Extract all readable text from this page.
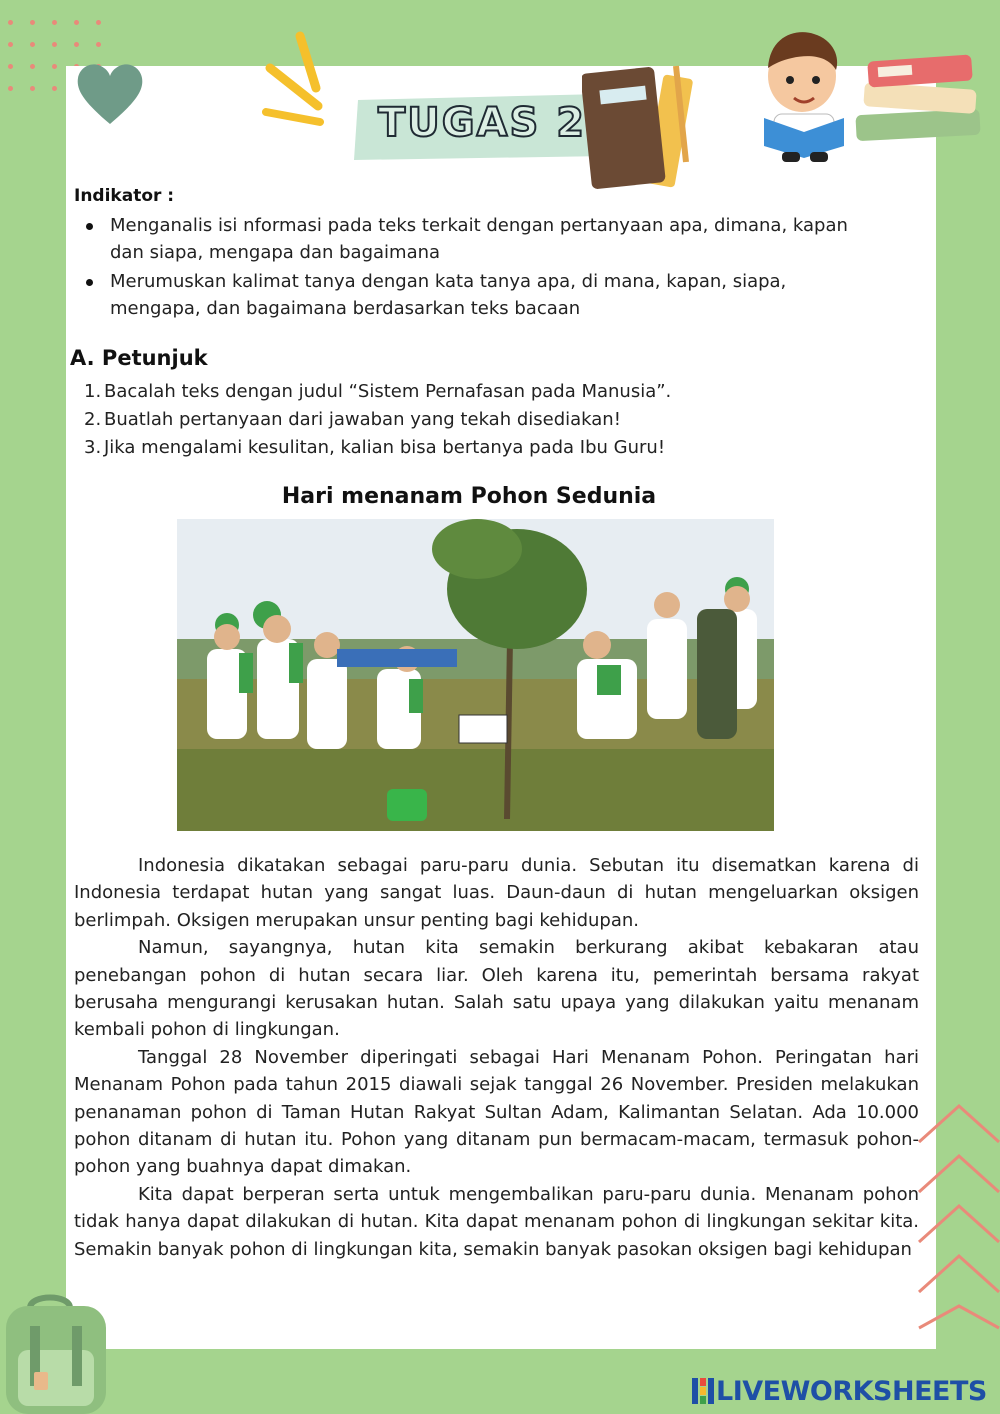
TUGAS 2
Indikator :
Menganalis isi nformasi pada teks terkait dengan pertanyaan apa, dimana, kapan dan siapa, mengapa dan bagaimana
Merumuskan kalimat tanya dengan kata tanya apa, di mana, kapan, siapa, mengapa, dan bagaimana berdasarkan teks bacaan
A. Petunjuk
1. Bacalah teks dengan judul “Sistem Pernafasan pada Manusia”.
2. Buatlah pertanyaan dari jawaban yang tekah disediakan!
3. Jika mengalami kesulitan, kalian bisa bertanya pada Ibu Guru!
Hari menanam Pohon Sedunia

Indonesia dikatakan sebagai paru-paru dunia. Sebutan itu disematkan karena di Indonesia terdapat hutan yang sangat luas. Daun-daun di hutan mengeluarkan oksigen berlimpah. Oksigen merupakan unsur penting bagi kehidupan.

Namun, sayangnya, hutan kita semakin berkurang akibat kebakaran atau penebangan pohon di hutan secara liar. Oleh karena itu, pemerintah bersama rakyat berusaha mengurangi kerusakan hutan. Salah satu upaya yang dilakukan yaitu menanam kembali pohon di lingkungan.

Tanggal 28 November diperingati sebagai Hari Menanam Pohon. Peringatan hari Menanam Pohon pada tahun 2015 diawali sejak tanggal 26 November. Presiden melakukan penanaman pohon di Taman Hutan Rakyat Sultan Adam, Kalimantan Selatan. Ada 10.000 pohon ditanam di hutan itu. Pohon yang ditanam pun bermacam-macam, termasuk pohon-pohon yang buahnya dapat dimakan.

Kita dapat berperan serta untuk mengembalikan paru-paru dunia. Menanam pohon tidak hanya dapat dilakukan di hutan. Kita dapat menanam pohon di lingkungan sekitar kita. Semakin banyak pohon di lingkungan kita, semakin banyak pasokan oksigen bagi kehidupan

LIVEWORKSHEETS
